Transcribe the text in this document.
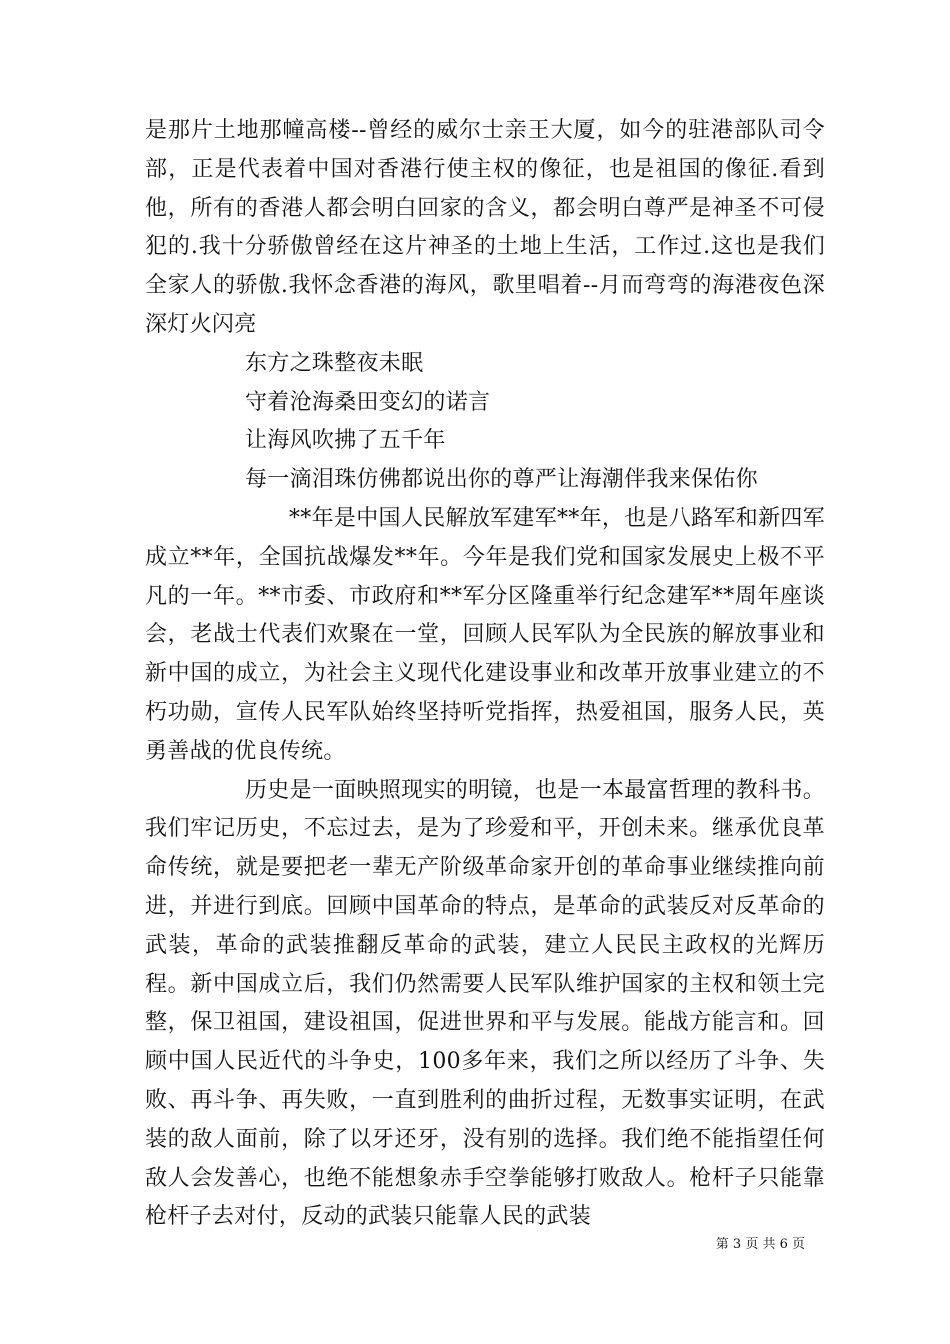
是那片土地那幢高楼--曾经的威尔士亲王大厦，如今的驻港部队司令部，正是代表着中国对香港行使主权的像征，也是祖国的像征.看到他，所有的香港人都会明白回家的含义，都会明白尊严是神圣不可侵犯的.我十分骄傲曾经在这片神圣的土地上生活，工作过.这也是我们全家人的骄傲.我怀念香港的海风，歌里唱着--月而弯弯的海港夜色深深灯火闪亮

东方之珠整夜未眠

守着沧海桑田变幻的诺言

让海风吹拂了五千年

每一滴泪珠仿佛都说出你的尊严让海潮伴我来保佑你

**年是中国人民解放军建军**年，也是八路军和新四军成立**年，全国抗战爆发**年。今年是我们党和国家发展史上极不平凡的一年。**市委、市政府和**军分区隆重举行纪念建军**周年座谈会，老战士代表们欢聚在一堂，回顾人民军队为全民族的解放事业和新中国的成立，为社会主义现代化建设事业和改革开放事业建立的不朽功勋，宣传人民军队始终坚持听党指挥，热爱祖国，服务人民，英勇善战的优良传统。

历史是一面映照现实的明镜，也是一本最富哲理的教科书。我们牢记历史，不忘过去，是为了珍爱和平，开创未来。继承优良革命传统，就是要把老一辈无产阶级革命家开创的革命事业继续推向前进，并进行到底。回顾中国革命的特点，是革命的武装反对反革命的武装，革命的武装推翻反革命的武装，建立人民民主政权的光辉历程。新中国成立后，我们仍然需要人民军队维护国家的主权和领土完整，保卫祖国，建设祖国，促进世界和平与发展。能战方能言和。回顾中国人民近代的斗争史，100多年来，我们之所以经历了斗争、失败、再斗争、再失败，一直到胜利的曲折过程，无数事实证明，在武装的敌人面前，除了以牙还牙，没有别的选择。我们绝不能指望任何敌人会发善心，也绝不能想象赤手空拳能够打败敌人。枪杆子只能靠枪杆子去对付，反动的武装只能靠人民的武装

第 3 页 共 6 页
